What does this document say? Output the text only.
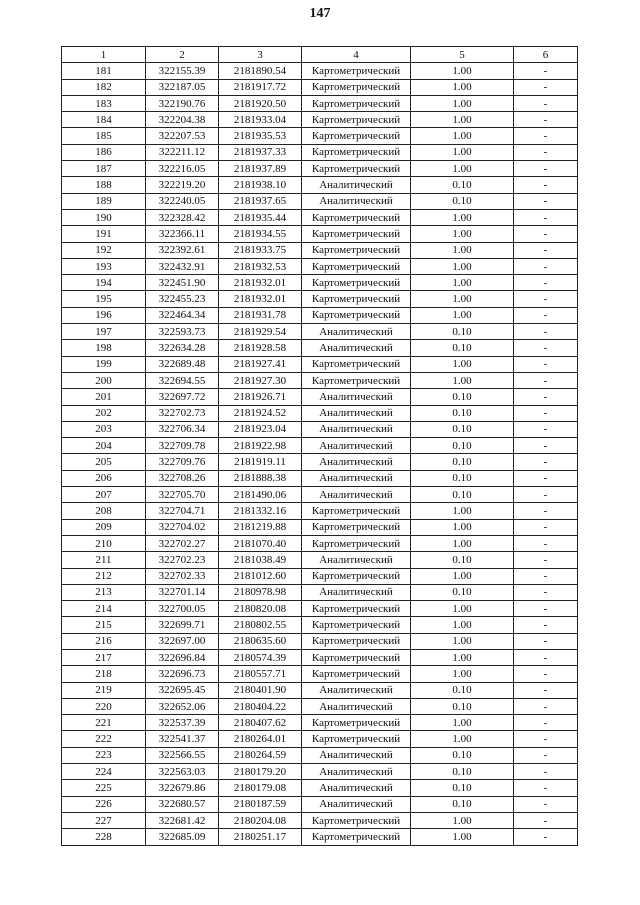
147
1	2	3	4	5	6
181	322155.39	2181890.54	Картометрический	1.00	-
182	322187.05	2181917.72	Картометрический	1.00	-
183	322190.76	2181920.50	Картометрический	1.00	-
184	322204.38	2181933.04	Картометрический	1.00	-
185	322207.53	2181935.53	Картометрический	1.00	-
186	322211.12	2181937.33	Картометрический	1.00	-
187	322216.05	2181937.89	Картометрический	1.00	-
188	322219.20	2181938.10	Аналитический	0.10	-
189	322240.05	2181937.65	Аналитический	0.10	-
190	322328.42	2181935.44	Картометрический	1.00	-
191	322366.11	2181934.55	Картометрический	1.00	-
192	322392.61	2181933.75	Картометрический	1.00	-
193	322432.91	2181932.53	Картометрический	1.00	-
194	322451.90	2181932.01	Картометрический	1.00	-
195	322455.23	2181932.01	Картометрический	1.00	-
196	322464.34	2181931.78	Картометрический	1.00	-
197	322593.73	2181929.54	Аналитический	0.10	-
198	322634.28	2181928.58	Аналитический	0.10	-
199	322689.48	2181927.41	Картометрический	1.00	-
200	322694.55	2181927.30	Картометрический	1.00	-
201	322697.72	2181926.71	Аналитический	0.10	-
202	322702.73	2181924.52	Аналитический	0.10	-
203	322706.34	2181923.04	Аналитический	0.10	-
204	322709.78	2181922.98	Аналитический	0.10	-
205	322709.76	2181919.11	Аналитический	0.10	-
206	322708.26	2181888.38	Аналитический	0.10	-
207	322705.70	2181490.06	Аналитический	0.10	-
208	322704.71	2181332.16	Картометрический	1.00	-
209	322704.02	2181219.88	Картометрический	1.00	-
210	322702.27	2181070.40	Картометрический	1.00	-
211	322702.23	2181038.49	Аналитический	0.10	-
212	322702.33	2181012.60	Картометрический	1.00	-
213	322701.14	2180978.98	Аналитический	0.10	-
214	322700.05	2180820.08	Картометрический	1.00	-
215	322699.71	2180802.55	Картометрический	1.00	-
216	322697.00	2180635.60	Картометрический	1.00	-
217	322696.84	2180574.39	Картометрический	1.00	-
218	322696.73	2180557.71	Картометрический	1.00	-
219	322695.45	2180401.90	Аналитический	0.10	-
220	322652.06	2180404.22	Аналитический	0.10	-
221	322537.39	2180407.62	Картометрический	1.00	-
222	322541.37	2180264.01	Картометрический	1.00	-
223	322566.55	2180264.59	Аналитический	0.10	-
224	322563.03	2180179.20	Аналитический	0.10	-
225	322679.86	2180179.08	Аналитический	0.10	-
226	322680.57	2180187.59	Аналитический	0.10	-
227	322681.42	2180204.08	Картометрический	1.00	-
228	322685.09	2180251.17	Картометрический	1.00	-
